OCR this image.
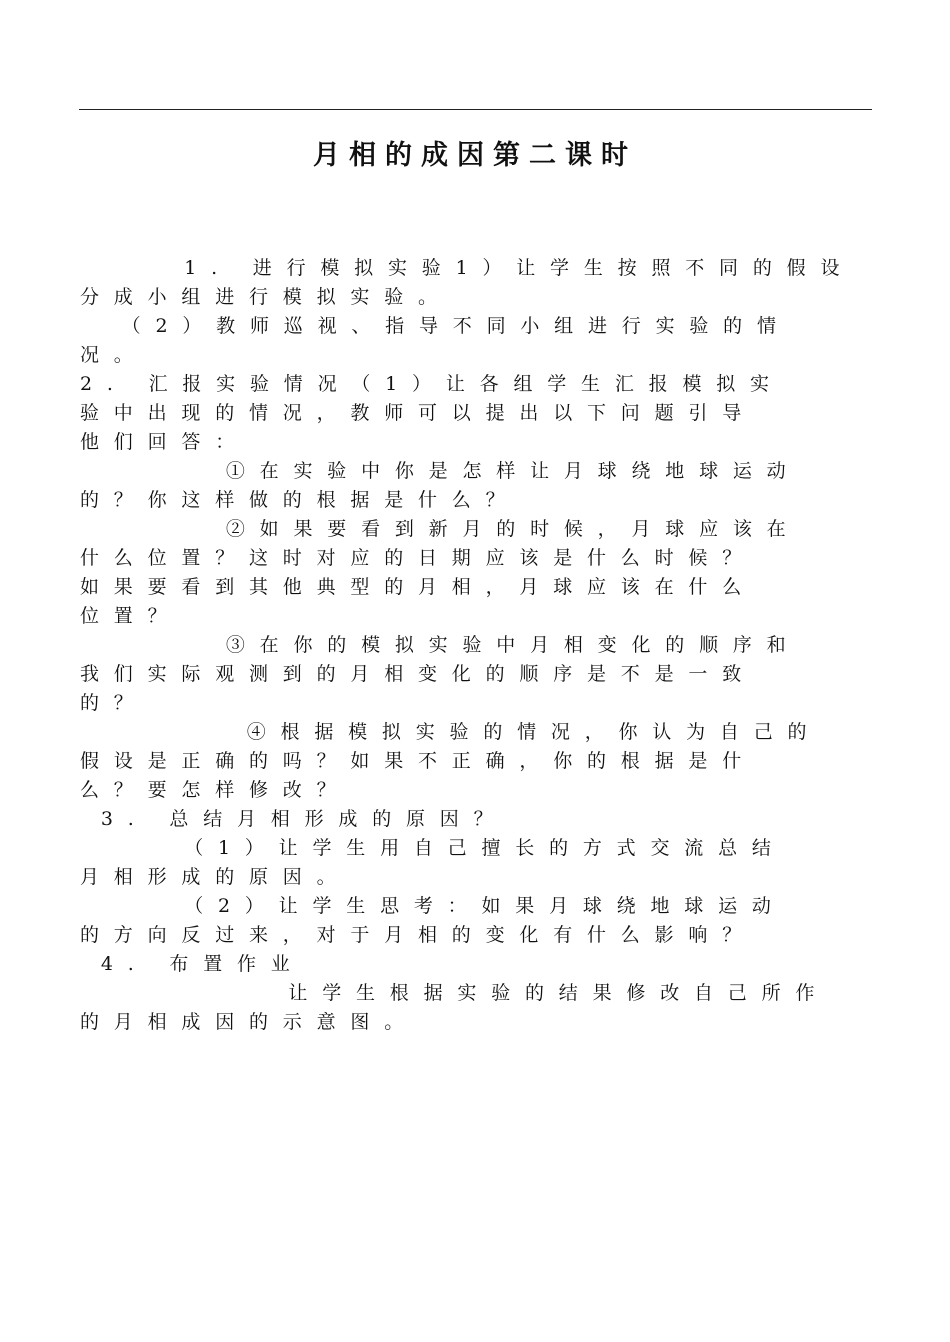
月相的成因第二课时
1. 进行模拟实验1）让学生按照不同的假设
分成小组进行模拟实验。
（2）教师巡视、指导不同小组进行实验的情
况。
2. 汇报实验情况（1）让各组学生汇报模拟实
验中出现的情况，教师可以提出以下问题引导
他们回答：
①在实验中你是怎样让月球绕地球运动
的？你这样做的根据是什么？
②如果要看到新月的时候，月球应该在
什么位置？这时对应的日期应该是什么时候？
如果要看到其他典型的月相，月球应该在什么
位置？
③在你的模拟实验中月相变化的顺序和
我们实际观测到的月相变化的顺序是不是一致
的？
④根据模拟实验的情况，你认为自己的
假设是正确的吗？如果不正确，你的根据是什
么？要怎样修改？
3. 总结月相形成的原因？
（1）让学生用自己擅长的方式交流总结
月相形成的原因。
（2）让学生思考：如果月球绕地球运动
的方向反过来，对于月相的变化有什么影响？
4. 布置作业
让学生根据实验的结果修改自己所作
的月相成因的示意图。
